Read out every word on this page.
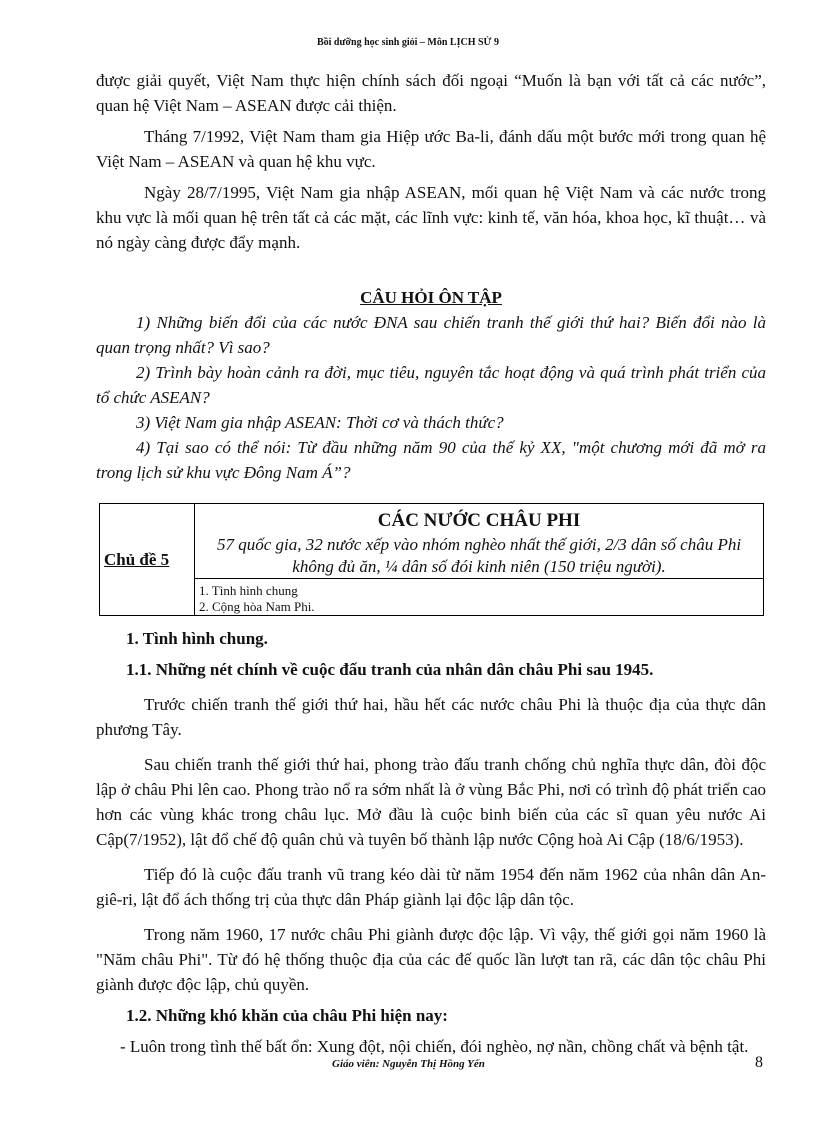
Bồi dưỡng học sinh giỏi – Môn LỊCH SỬ 9

được giải quyết, Việt Nam thực hiện chính sách đối ngoại “Muốn là bạn với tất cả các nước”, quan hệ Việt Nam – ASEAN được cải thiện.

Tháng 7/1992, Việt Nam tham gia Hiệp ước Ba-li, đánh dấu một bước mới trong quan hệ Việt Nam – ASEAN và quan hệ khu vực.

Ngày 28/7/1995, Việt Nam gia nhập ASEAN, mối quan hệ Việt Nam và các nước trong khu vực là mối quan hệ trên tất cả các mặt, các lĩnh vực: kinh tế, văn hóa, khoa học, kĩ thuật… và nó ngày càng được đẩy mạnh.

CÂU HỎI ÔN TẬP

1) Những biến đổi của các nước ĐNA sau chiến tranh thế giới thứ hai? Biến đổi nào là quan trọng nhất? Vì sao?

2) Trình bày hoàn cảnh ra đời, mục tiêu, nguyên tắc hoạt động và quá trình phát triển của tổ chức ASEAN?

3) Việt Nam gia nhập ASEAN: Thời cơ và thách thức?

4) Tại sao có thể nói: Từ đầu những năm 90 của thế kỷ XX, "một chương mới đã mở ra trong lịch sử khu vực Đông Nam Á”?

Chủ đề 5	CÁC NƯỚC CHÂU PHI
57 quốc gia, 32 nước xếp vào nhóm nghèo nhất thế giới, 2/3 dân số châu Phi không đủ ăn, ¼ dân số đói kinh niên (150 triệu người).

1. Tình hình chung
2. Cộng hòa Nam Phi.

1. Tình hình chung.

1.1. Những nét chính về cuộc đấu tranh của nhân dân châu Phi sau 1945.

Trước chiến tranh thế giới thứ hai, hầu hết các nước châu Phi là thuộc địa của thực dân phương Tây.

Sau chiến tranh thế giới thứ hai, phong trào đấu tranh chống chủ nghĩa thực dân, đòi độc lập ở châu Phi lên cao. Phong trào nổ ra sớm nhất là ở vùng Bắc Phi, nơi có trình độ phát triển cao hơn các vùng khác trong châu lục. Mở đầu là cuộc binh biến của các sĩ quan yêu nước Ai Cập(7/1952), lật đổ chế độ quân chủ và tuyên bố thành lập nước Cộng hoà Ai Cập (18/6/1953).

Tiếp đó là cuộc đấu tranh vũ trang kéo dài từ năm 1954 đến năm 1962 của nhân dân An-giê-ri, lật đổ ách thống trị của thực dân Pháp giành lại độc lập dân tộc.

Trong năm 1960, 17 nước châu Phi giành được độc lập. Vì vậy, thế giới gọi năm 1960 là "Năm châu Phi". Từ đó hệ thống thuộc địa của các đế quốc lần lượt tan rã, các dân tộc châu Phi giành được độc lập, chủ quyền.

1.2. Những khó khăn của châu Phi hiện nay:

- Luôn trong tình thế bất ổn: Xung đột, nội chiến, đói nghèo, nợ nần, chồng chất và bệnh tật.

Giáo viên: Nguyễn Thị Hồng Yến	8
